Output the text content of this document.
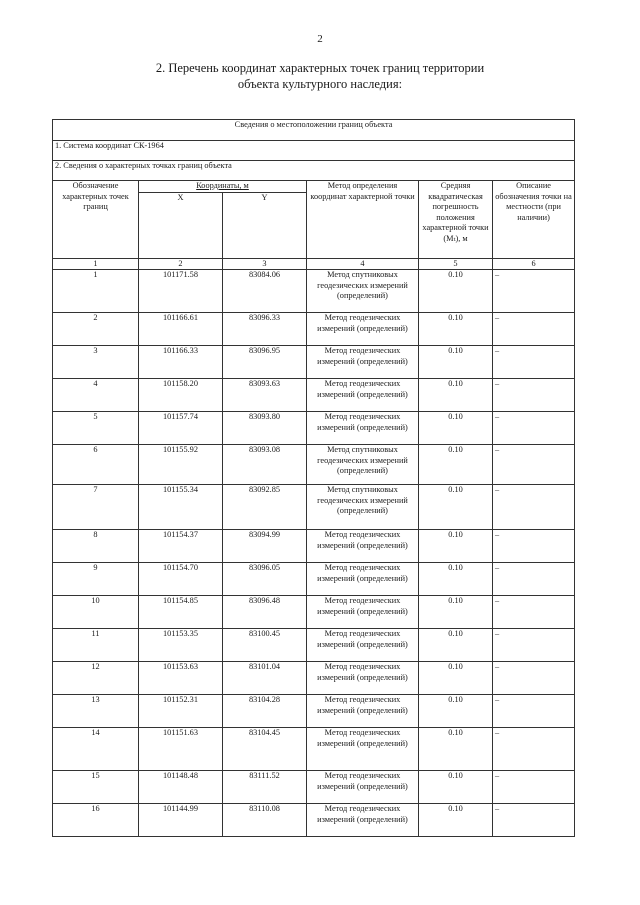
2
2. Перечень координат характерных точек границ территории
объекта культурного наследия:
Сведения о местоположении границ объекта					
1. Система координат СК-1964					
2. Сведения о характерных точках границ объекта					
Обозначение характерных точек границ	Координаты, м		Метод определения координат характерной точки	Средняя квадратическая погрешность положения характерной точки (Mₜ), м	Описание обозначения точки на местности (при наличии)
	X	Y			
1	2	3	4	5	6
1	101171.58	83084.06	Метод спутниковых геодезических измерений (определений)	0.10	–
2	101166.61	83096.33	Метод геодезических измерений (определений)	0.10	–
3	101166.33	83096.95	Метод геодезических измерений (определений)	0.10	–
4	101158.20	83093.63	Метод геодезических измерений (определений)	0.10	–
5	101157.74	83093.80	Метод геодезических измерений (определений)	0.10	–
6	101155.92	83093.08	Метод спутниковых геодезических измерений (определений)	0.10	–
7	101155.34	83092.85	Метод спутниковых геодезических измерений (определений)	0.10	–
8	101154.37	83094.99	Метод геодезических измерений (определений)	0.10	–
9	101154.70	83096.05	Метод геодезических измерений (определений)	0.10	–
10	101154.85	83096.48	Метод геодезических измерений (определений)	0.10	–
11	101153.35	83100.45	Метод геодезических измерений (определений)	0.10	–
12	101153.63	83101.04	Метод геодезических измерений (определений)	0.10	–
13	101152.31	83104.28	Метод геодезических измерений (определений)	0.10	–
14	101151.63	83104.45	Метод геодезических измерений (определений)	0.10	–
15	101148.48	83111.52	Метод геодезических измерений (определений)	0.10	–
16	101144.99	83110.08	Метод геодезических измерений (определений)	0.10	–
